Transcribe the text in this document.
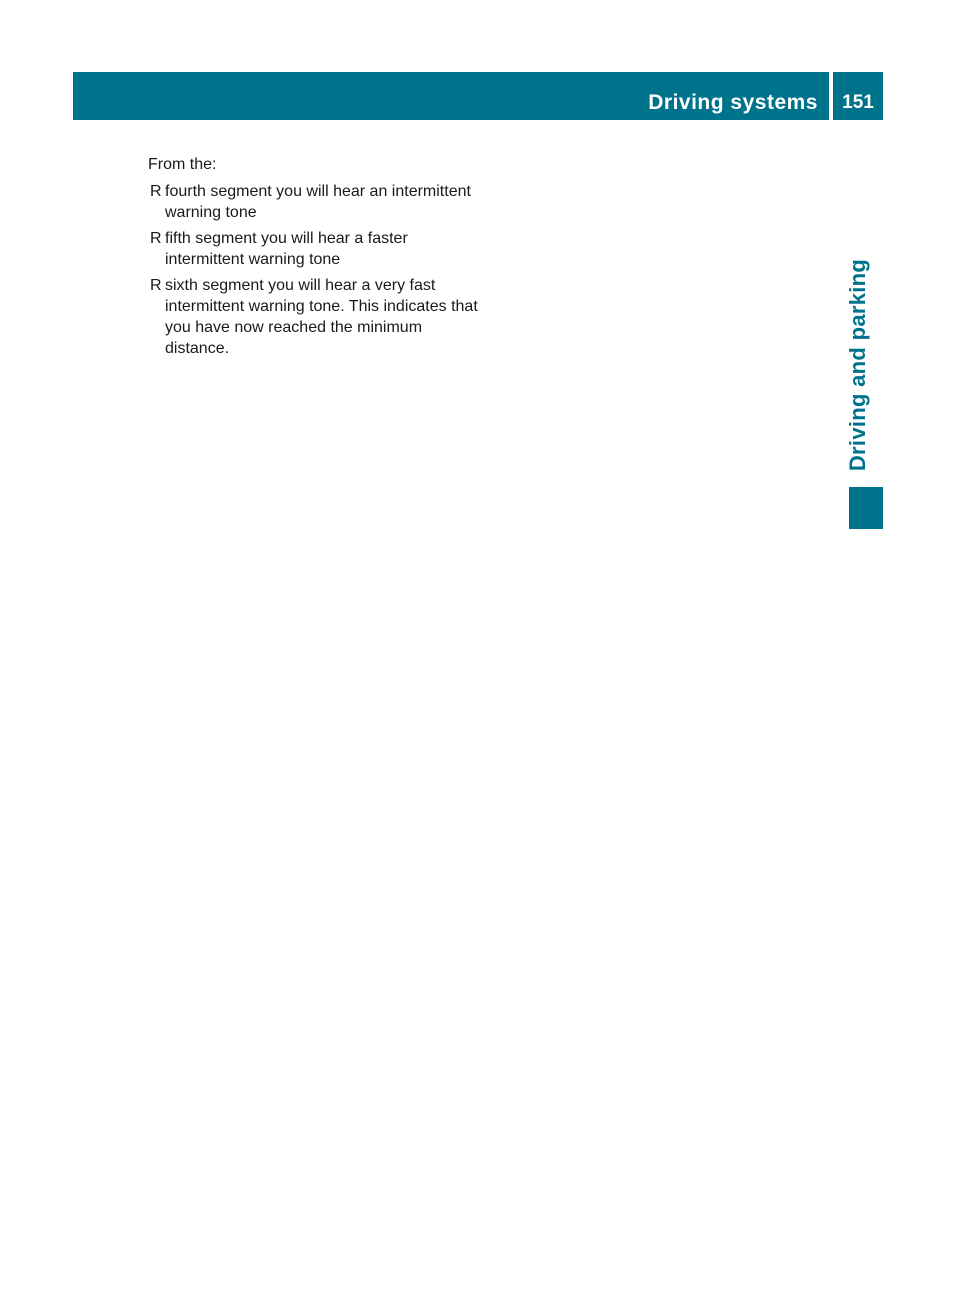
Driving systems	151
Driving and parking

From the:

R fourth segment you will hear an intermittent warning tone
R fifth segment you will hear a faster intermittent warning tone
R sixth segment you will hear a very fast intermittent warning tone. This indicates that you have now reached the minimum distance.
